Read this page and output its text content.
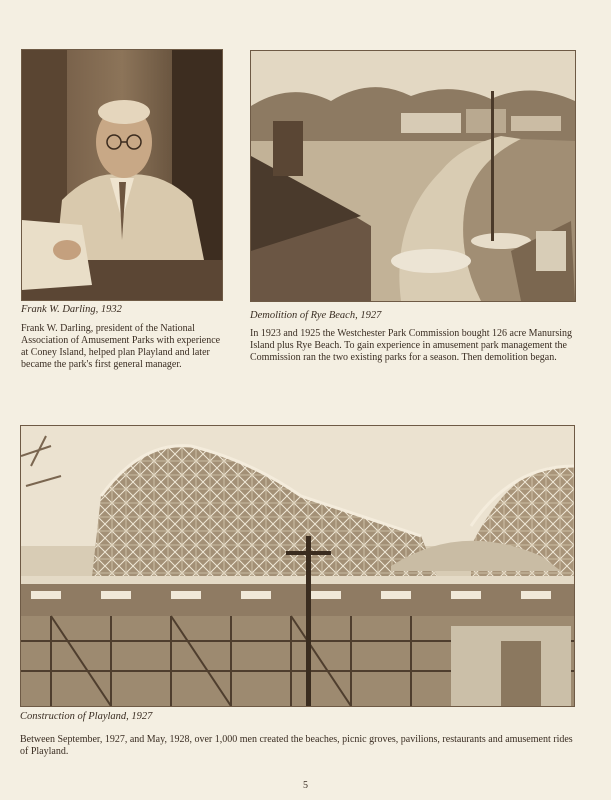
Frank W. Darling, 1932
Frank W. Darling, president of the National Association of Amusement Parks with experience at Coney Island, helped plan Playland and later became the park's first general manager.
Demolition of Rye Beach, 1927
In 1923 and 1925 the Westchester Park Commission bought 126 acre Manursing Island plus Rye Beach. To gain experience in amusement park management the Commission ran the two existing parks for a season. Then demolition began.
Construction of Playland, 1927
Between September, 1927, and May, 1928, over 1,000 men created the beaches, picnic groves, pavilions, restaurants and amusement rides of Playland.
5
